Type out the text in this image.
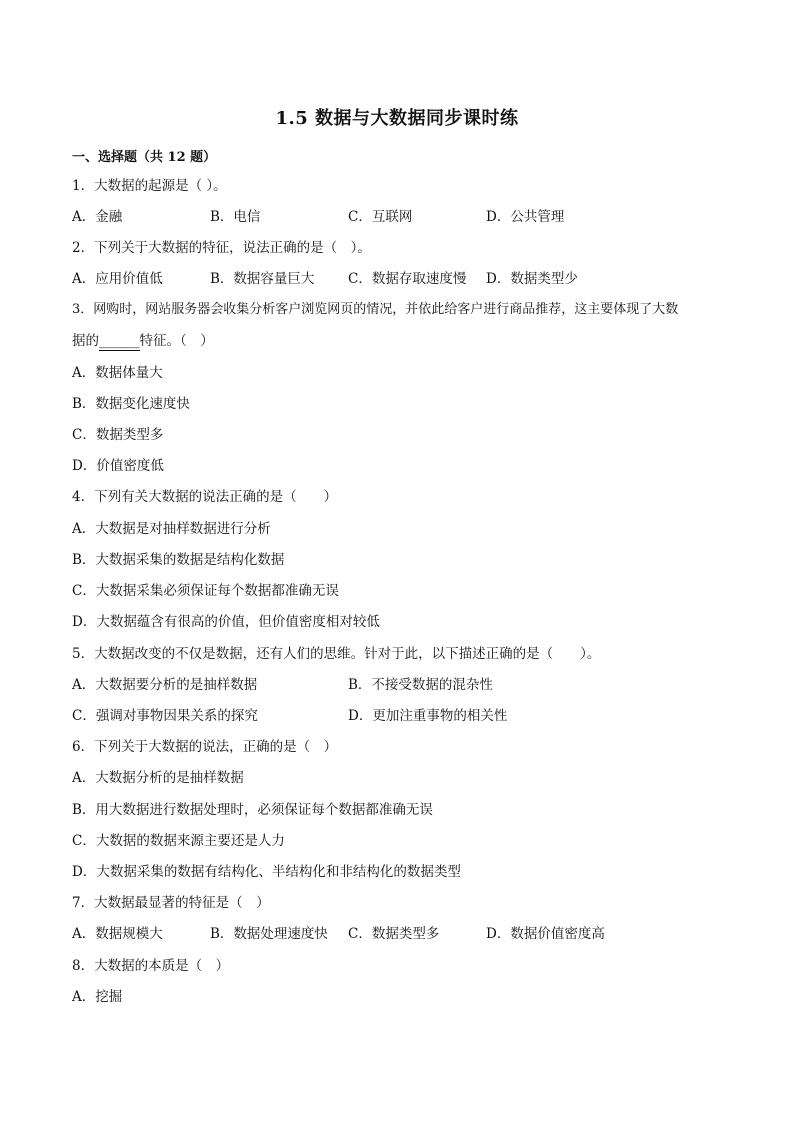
1.5 数据与大数据同步课时练
一、选择题（共 12 题）
1．大数据的起源是（ ）。
A．金融	B．电信	C．互联网	D．公共管理
2．下列关于大数据的特征，说法正确的是（　）。
A．应用价值低	B．数据容量巨大 C．数据存取速度慢 D．数据类型少
3．网购时，网站服务器会收集分析客户浏览网页的情况，并依此给客户进行商品推荐，这主要体现了大数
据的______特征。（　）
A．数据体量大
B．数据变化速度快
C．数据类型多
D．价值密度低
4．下列有关大数据的说法正确的是（　　）
A．大数据是对抽样数据进行分析
B．大数据采集的数据是结构化数据
C．大数据采集必须保证每个数据都准确无误
D．大数据蕴含有很高的价值，但价值密度相对较低
5．大数据改变的不仅是数据，还有人们的思维。针对于此，以下描述正确的是（　　）。
A．大数据要分析的是抽样数据	B．不接受数据的混杂性
C．强调对事物因果关系的探究	D．更加注重事物的相关性
6．下列关于大数据的说法，正确的是（　）
A．大数据分析的是抽样数据
B．用大数据进行数据处理时，必须保证每个数据都准确无误
C．大数据的数据来源主要还是人力
D．大数据采集的数据有结构化、半结构化和非结构化的数据类型
7．大数据最显著的特征是（　）
A．数据规模大	B．数据处理速度快 C．数据类型多	D．数据价值密度高
8．大数据的本质是（　）
A．挖掘
